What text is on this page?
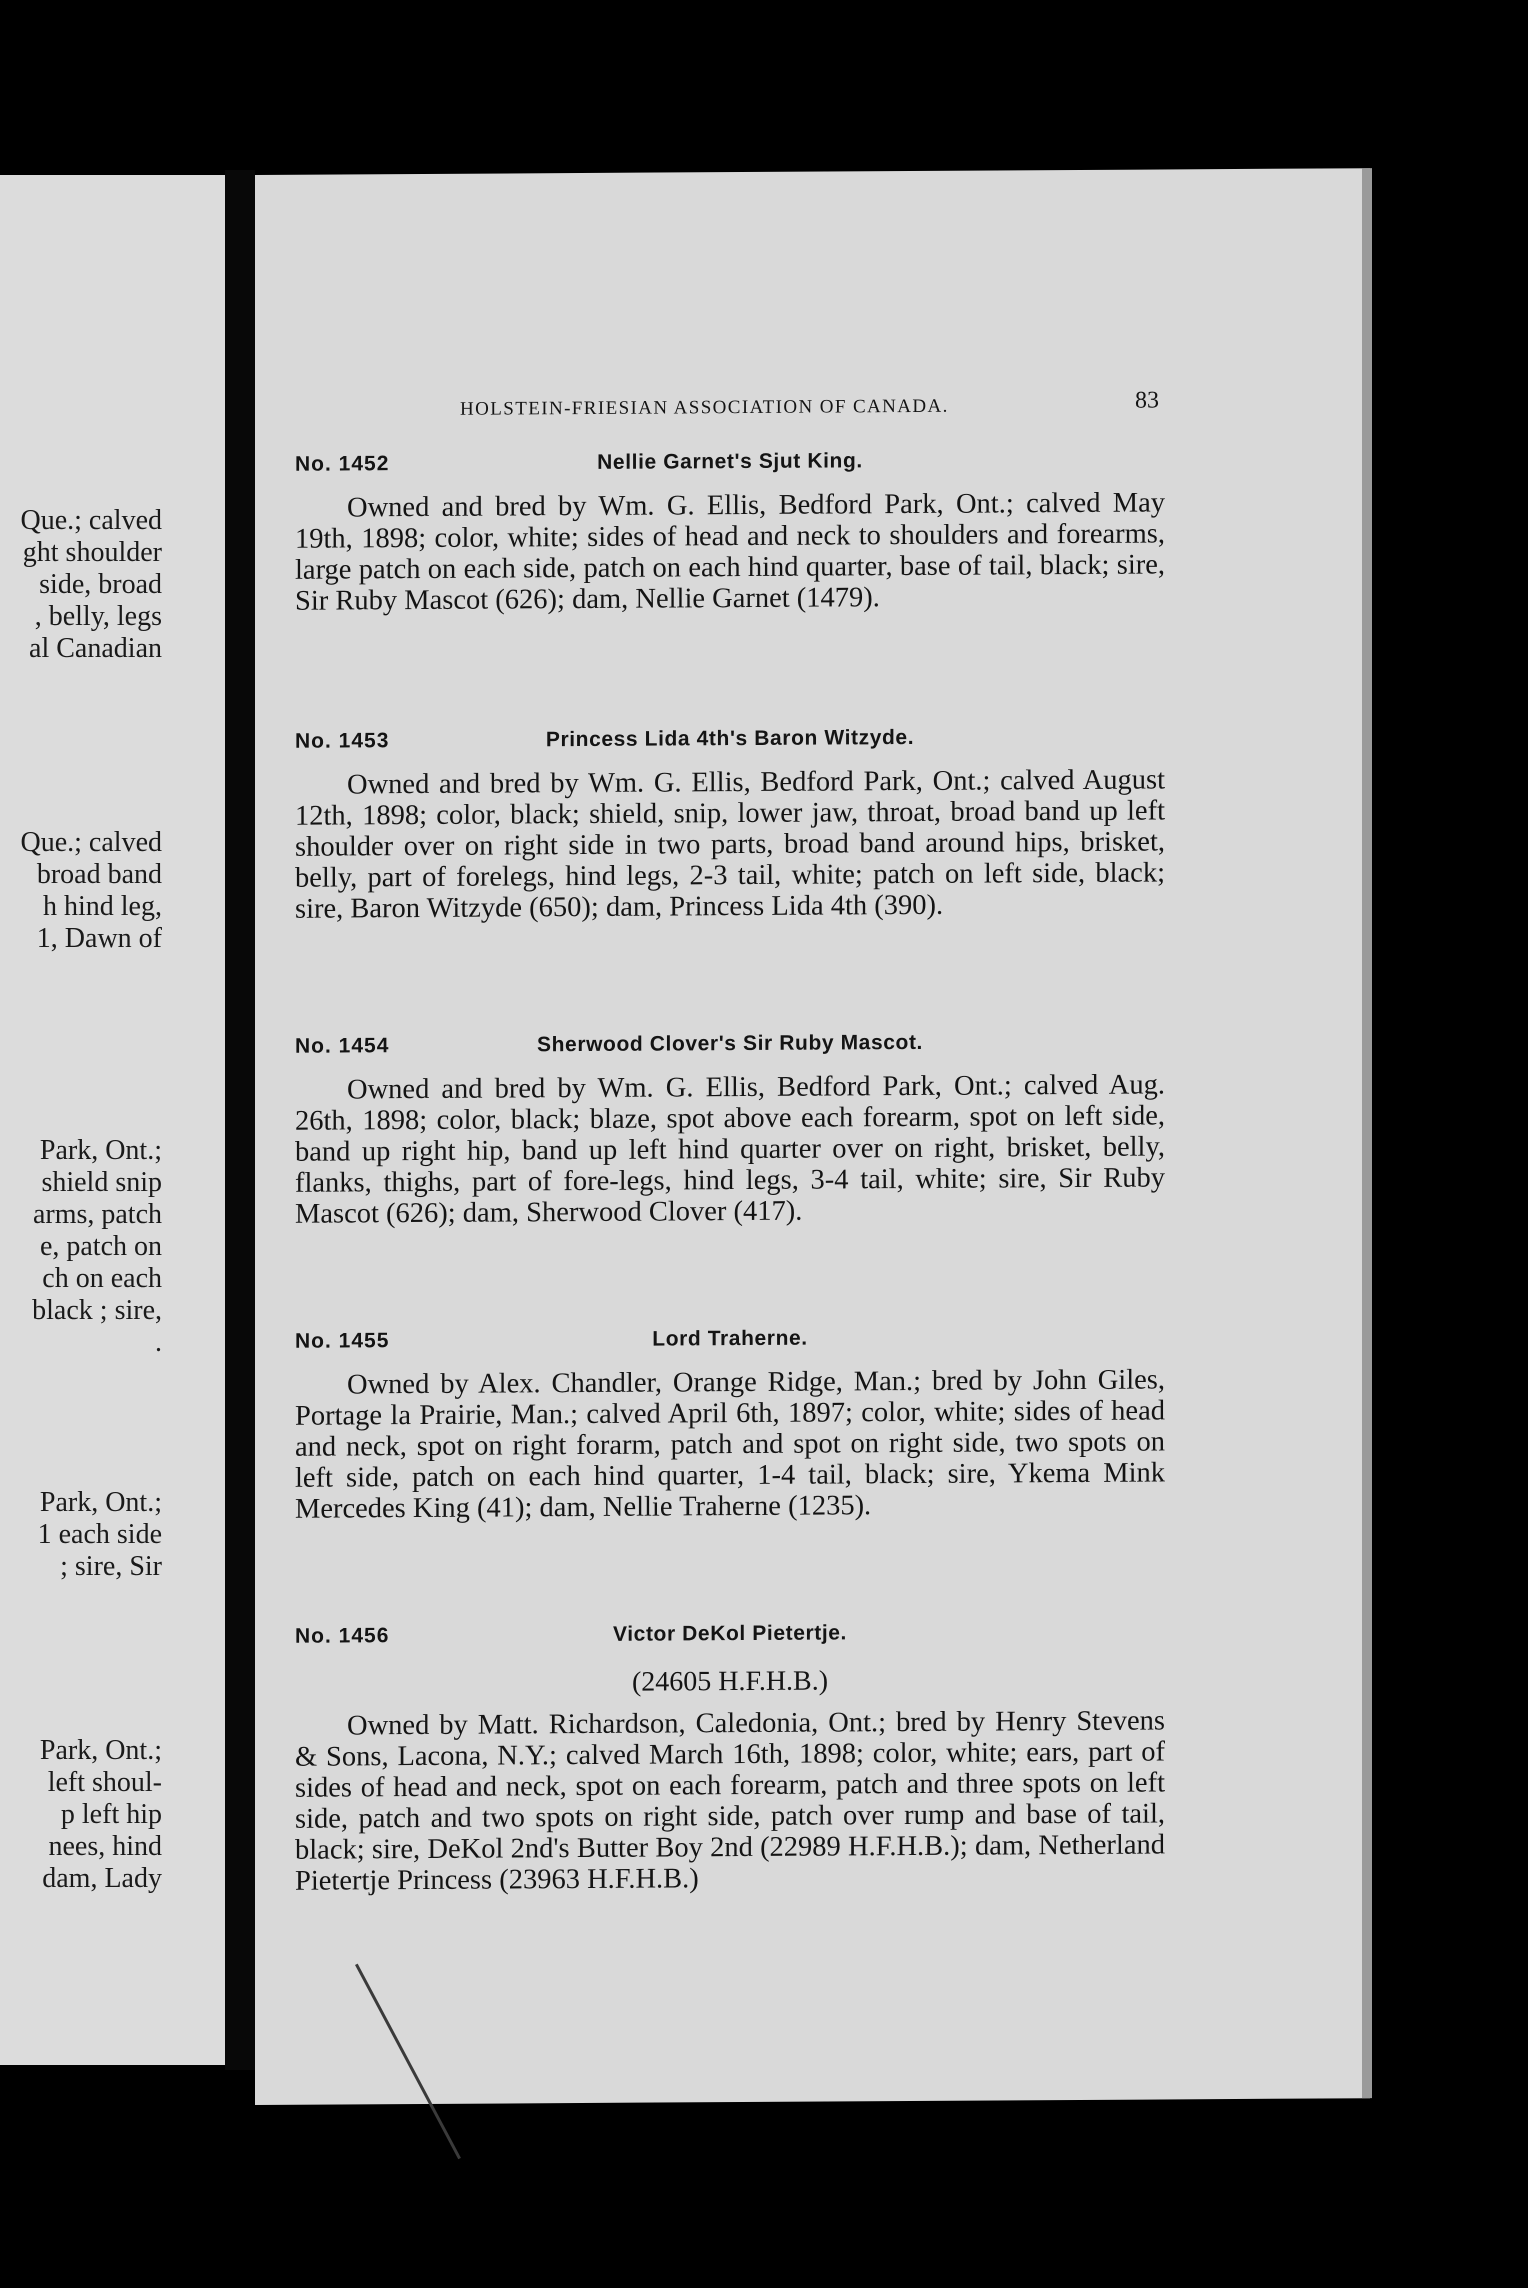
Que.; calved
ght shoulder
side, broad
, belly, legs
al Canadian
Que.; calved
broad band
h hind leg,
1, Dawn of
Park, Ont.;
shield snip
arms, patch
e, patch on
ch on each
black ; sire,
.
Park, Ont.;
1 each side
; sire, Sir
Park, Ont.;
left shoul-
p left hip
nees, hind
dam, Lady
HOLSTEIN-FRIESIAN ASSOCIATION OF CANADA.	83
No. 1452	Nellie Garnet's Sjut King.

Owned and bred by Wm. G. Ellis, Bedford Park, Ont.; calved May 19th, 1898; color, white; sides of head and neck to shoulders and forearms, large patch on each side, patch on each hind quarter, base of tail, black; sire, Sir Ruby Mascot (626); dam, Nellie Garnet (1479).

No. 1453	Princess Lida 4th's Baron Witzyde.

Owned and bred by Wm. G. Ellis, Bedford Park, Ont.; calved August 12th, 1898; color, black; shield, snip, lower jaw, throat, broad band up left shoulder over on right side in two parts, broad band around hips, brisket, belly, part of forelegs, hind legs, 2-3 tail, white; patch on left side, black; sire, Baron Witzyde (650); dam, Princess Lida 4th (390).

No. 1454	Sherwood Clover's Sir Ruby Mascot.

Owned and bred by Wm. G. Ellis, Bedford Park, Ont.; calved Aug. 26th, 1898; color, black; blaze, spot above each forearm, spot on left side, band up right hip, band up left hind quarter over on right, brisket, belly, flanks, thighs, part of fore-legs, hind legs, 3-4 tail, white; sire, Sir Ruby Mascot (626); dam, Sherwood Clover (417).

No. 1455	Lord Traherne.

Owned by Alex. Chandler, Orange Ridge, Man.; bred by John Giles, Portage la Prairie, Man.; calved April 6th, 1897; color, white; sides of head and neck, spot on right forarm, patch and spot on right side, two spots on left side, patch on each hind quarter, 1-4 tail, black; sire, Ykema Mink Mercedes King (41); dam, Nellie Traherne (1235).

No. 1456	Victor DeKol Pietertje.
(24605 H.F.H.B.)

Owned by Matt. Richardson, Caledonia, Ont.; bred by Henry Stevens & Sons, Lacona, N.Y.; calved March 16th, 1898; color, white; ears, part of sides of head and neck, spot on each forearm, patch and three spots on left side, patch and two spots on right side, patch over rump and base of tail, black; sire, DeKol 2nd's Butter Boy 2nd (22989 H.F.H.B.); dam, Netherland Pietertje Princess (23963 H.F.H.B.)
